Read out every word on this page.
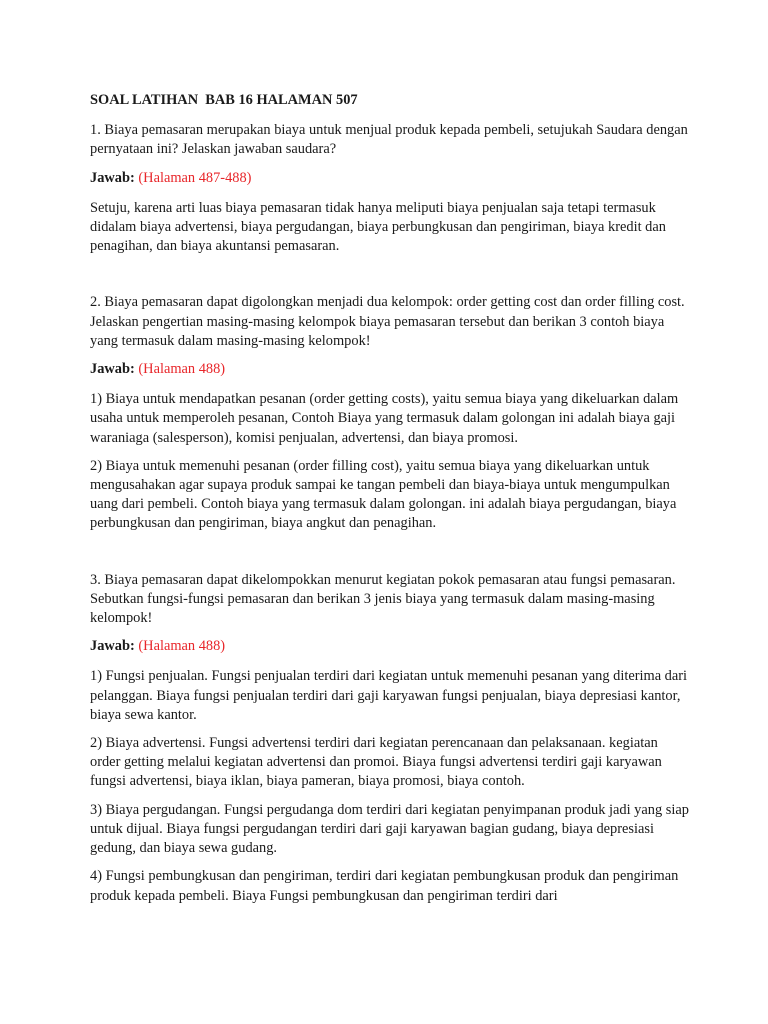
SOAL LATIHAN  BAB 16 HALAMAN 507
1. Biaya pemasaran merupakan biaya untuk menjual produk kepada pembeli, setujukah Saudara dengan pernyataan ini? Jelaskan jawaban saudara?
Jawab: (Halaman 487-488)
Setuju, karena arti luas biaya pemasaran tidak hanya meliputi biaya penjualan saja tetapi termasuk didalam biaya advertensi, biaya pergudangan, biaya perbungkusan dan pengiriman, biaya kredit dan penagihan, dan biaya akuntansi pemasaran.
2. Biaya pemasaran dapat digolongkan menjadi dua kelompok: order getting cost dan order filling cost. Jelaskan pengertian masing-masing kelompok biaya pemasaran tersebut dan berikan 3 contoh biaya yang termasuk dalam masing-masing kelompok!
Jawab: (Halaman 488)
1) Biaya untuk mendapatkan pesanan (order getting costs), yaitu semua biaya yang dikeluarkan dalam usaha untuk memperoleh pesanan, Contoh Biaya yang termasuk dalam golongan ini adalah biaya gaji waraniaga (salesperson), komisi penjualan, advertensi, dan biaya promosi.
2) Biaya untuk memenuhi pesanan (order filling cost), yaitu semua biaya yang dikeluarkan untuk mengusahakan agar supaya produk sampai ke tangan pembeli dan biaya-biaya untuk mengumpulkan uang dari pembeli. Contoh biaya yang termasuk dalam golongan. ini adalah biaya pergudangan, biaya perbungkusan dan pengiriman, biaya angkut dan penagihan.
3. Biaya pemasaran dapat dikelompokkan menurut kegiatan pokok pemasaran atau fungsi pemasaran. Sebutkan fungsi-fungsi pemasaran dan berikan 3 jenis biaya yang termasuk dalam masing-masing kelompok!
Jawab: (Halaman 488)
1) Fungsi penjualan. Fungsi penjualan terdiri dari kegiatan untuk memenuhi pesanan yang diterima dari pelanggan. Biaya fungsi penjualan terdiri dari gaji karyawan fungsi penjualan, biaya depresiasi kantor, biaya sewa kantor.
2) Biaya advertensi. Fungsi advertensi terdiri dari kegiatan perencanaan dan pelaksanaan. kegiatan order getting melalui kegiatan advertensi dan promoi. Biaya fungsi advertensi terdiri gaji karyawan fungsi advertensi, biaya iklan, biaya pameran, biaya promosi, biaya contoh.
3) Biaya pergudangan. Fungsi pergudanga dom terdiri dari kegiatan penyimpanan produk jadi yang siap untuk dijual. Biaya fungsi pergudangan terdiri dari gaji karyawan bagian gudang, biaya depresiasi gedung, dan biaya sewa gudang.
4) Fungsi pembungkusan dan pengiriman, terdiri dari kegiatan pembungkusan produk dan pengiriman produk kepada pembeli. Biaya Fungsi pembungkusan dan pengiriman terdiri dari
